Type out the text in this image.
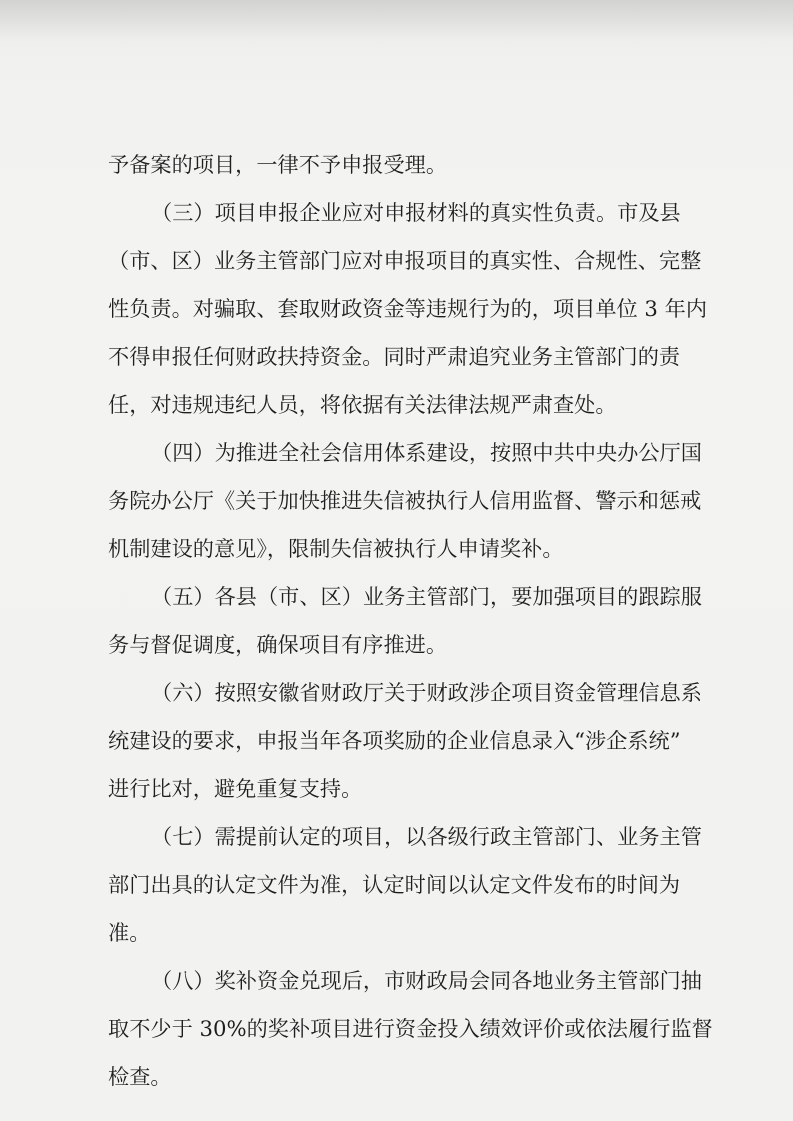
予备案的项目，一律不予申报受理。
（三）项目申报企业应对申报材料的真实性负责。市及县
（市、区）业务主管部门应对申报项目的真实性、合规性、完整
性负责。对骗取、套取财政资金等违规行为的，项目单位 3 年内
不得申报任何财政扶持资金。同时严肃追究业务主管部门的责
任，对违规违纪人员，将依据有关法律法规严肃查处。
（四）为推进全社会信用体系建设，按照中共中央办公厅国
务院办公厅《关于加快推进失信被执行人信用监督、警示和惩戒
机制建设的意见》，限制失信被执行人申请奖补。
（五）各县（市、区）业务主管部门，要加强项目的跟踪服
务与督促调度，确保项目有序推进。
（六）按照安徽省财政厅关于财政涉企项目资金管理信息系
统建设的要求，申报当年各项奖励的企业信息录入“涉企系统”
进行比对，避免重复支持。
（七）需提前认定的项目，以各级行政主管部门、业务主管
部门出具的认定文件为准，认定时间以认定文件发布的时间为
准。
（八）奖补资金兑现后，市财政局会同各地业务主管部门抽
取不少于 30%的奖补项目进行资金投入绩效评价或依法履行监督
检查。
